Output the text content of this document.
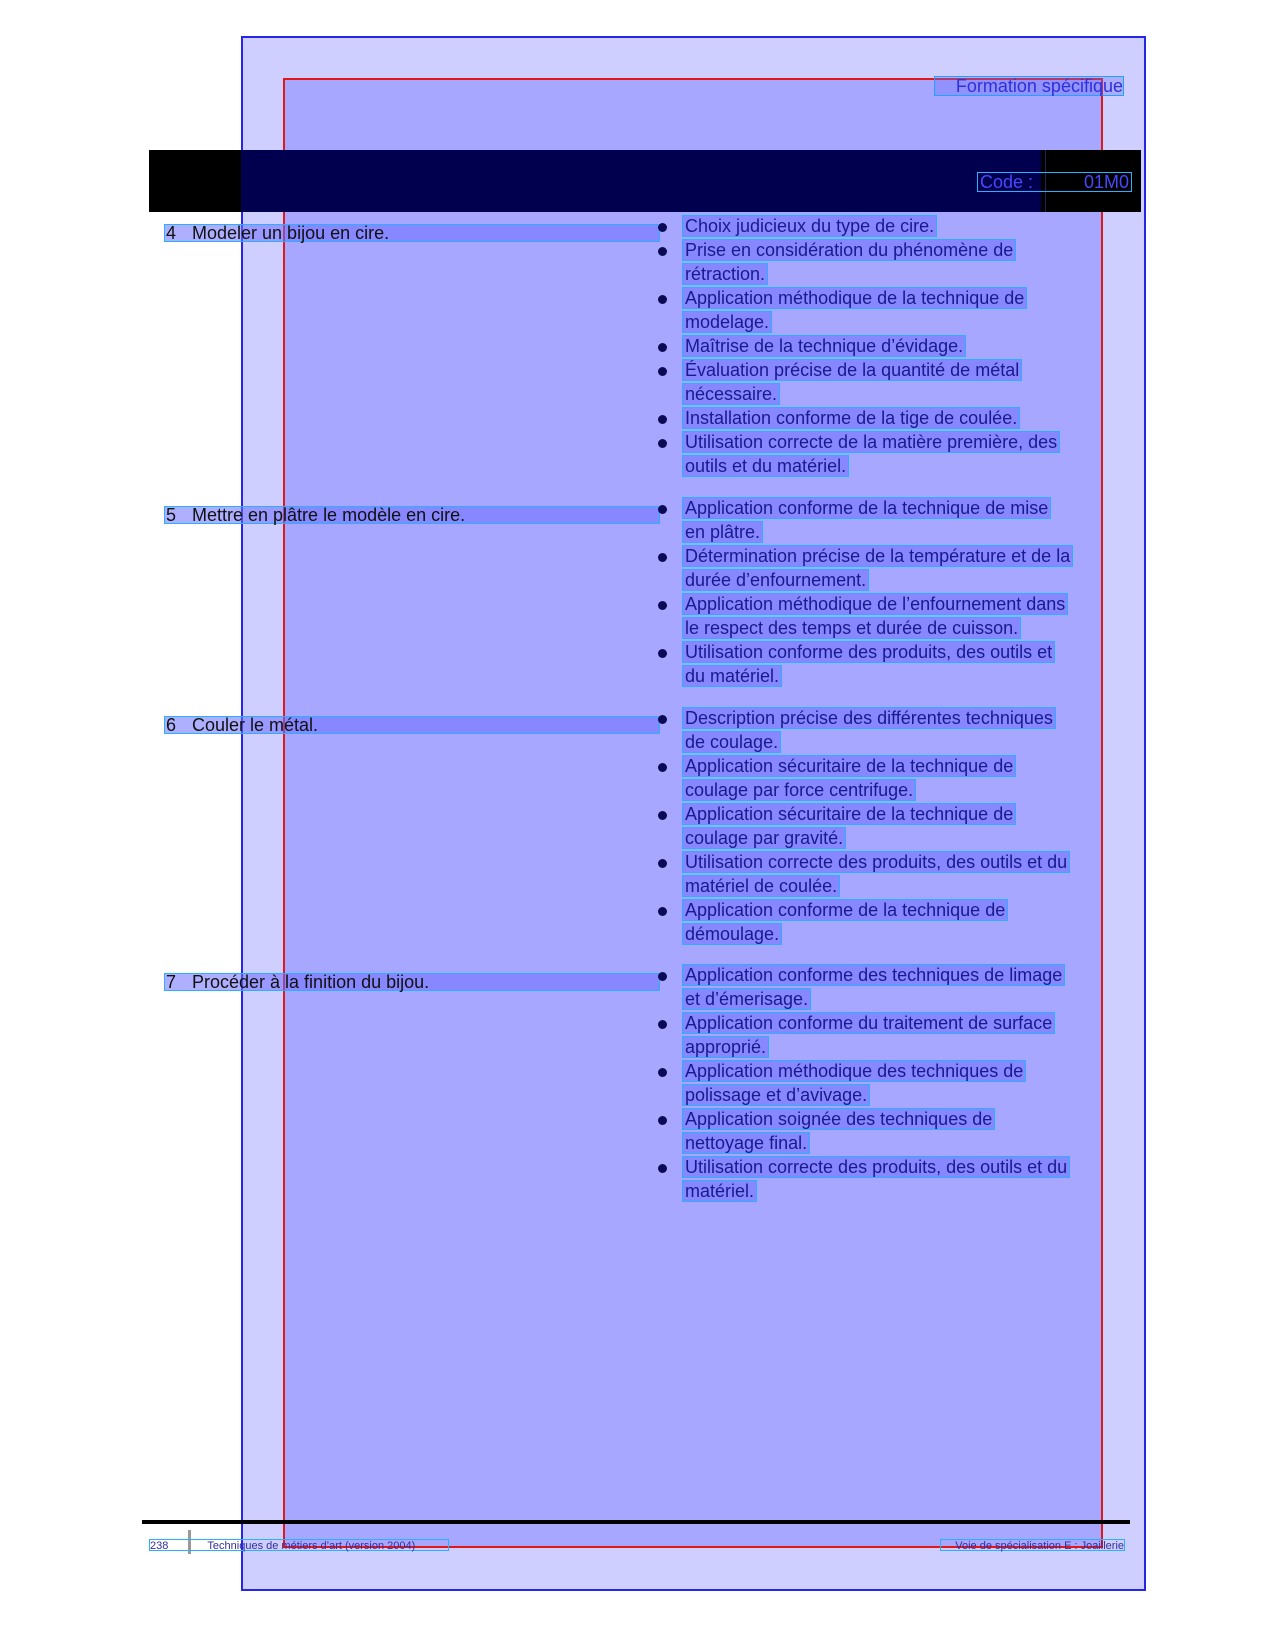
Formation spécifique
Code :	01M0
4 Modeler un bijou en cire.	Choix judicieux du type de cire.
Prise en considération du phénomène de
rétraction.
Application méthodique de la technique de
modelage.
Maîtrise de la technique d’évidage.
Évaluation précise de la quantité de métal
nécessaire.
Installation conforme de la tige de coulée.
Utilisation correcte de la matière première, des
outils et du matériel.
5 Mettre en plâtre le modèle en cire.	Application conforme de la technique de mise
en plâtre.
Détermination précise de la température et de la
durée d’enfournement.
Application méthodique de l’enfournement dans
le respect des temps et durée de cuisson.
Utilisation conforme des produits, des outils et
du matériel.
6 Couler le métal.	Description précise des différentes techniques
de coulage.
Application sécuritaire de la technique de
coulage par force centrifuge.
Application sécuritaire de la technique de
coulage par gravité.
Utilisation correcte des produits, des outils et du
matériel de coulée.
Application conforme de la technique de
démoulage.
7 Procéder à la finition du bijou.	Application conforme des techniques de limage
et d’émerisage.
Application conforme du traitement de surface
approprié.
Application méthodique des techniques de
polissage et d’avivage.
Application soignée des techniques de
nettoyage final.
Utilisation correcte des produits, des outils et du
matériel.
238	Techniques de métiers d’art (version 2004)	Voie de spécialisation E : Joaillerie
